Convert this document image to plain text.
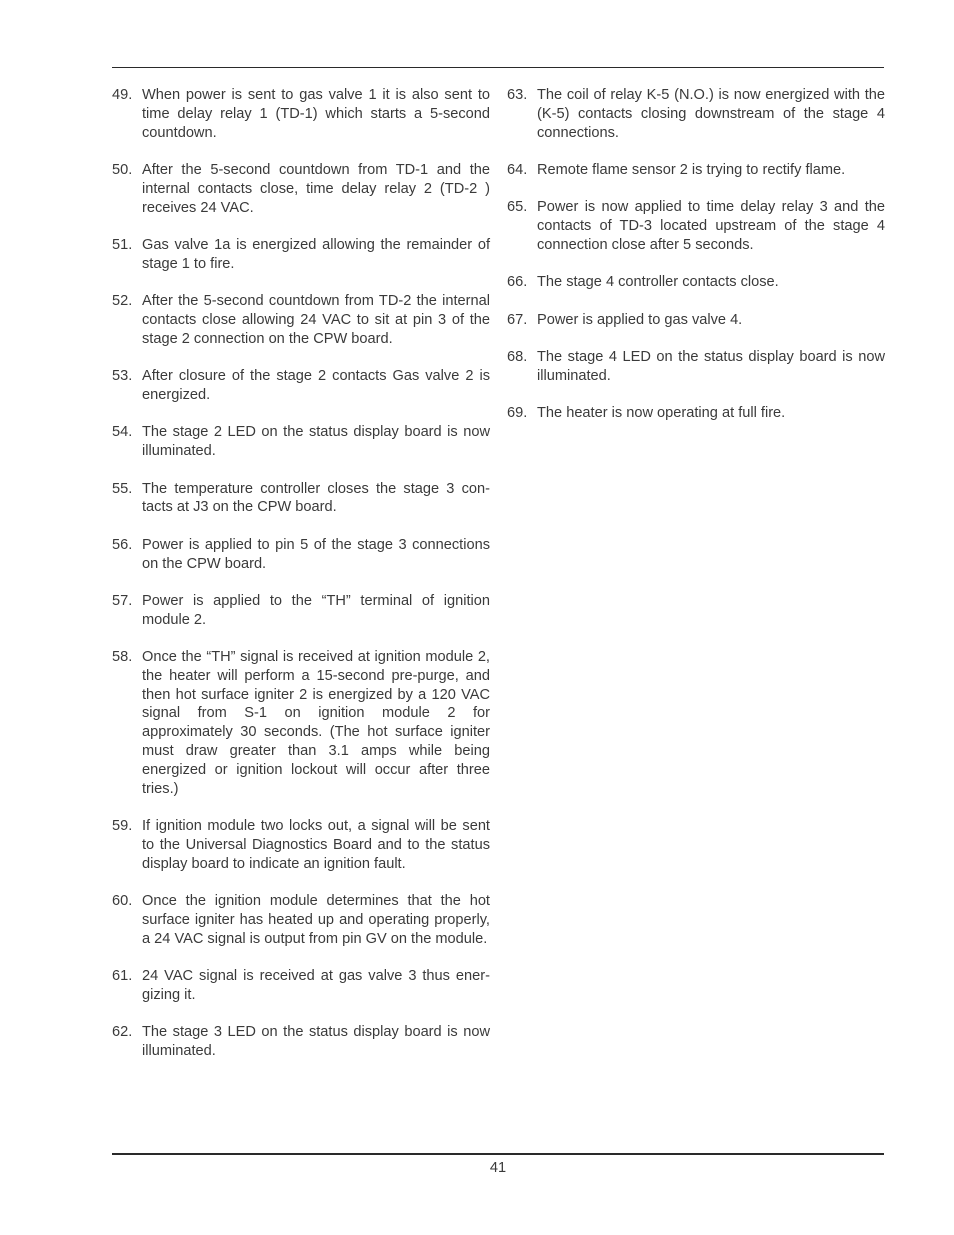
49. When power is sent to gas valve 1 it is also sent to time delay relay 1 (TD-1) which starts a 5-second countdown.
50. After the 5-second countdown from TD-1 and the internal contacts close, time delay relay 2 (TD-2 ) receives 24 VAC.
51. Gas valve 1a is energized allowing the remainder of stage 1 to fire.
52. After the 5-second countdown from TD-2 the internal contacts close allowing 24 VAC to sit at pin 3 of the stage 2 connection on the CPW board.
53. After closure of the stage 2 contacts Gas valve 2 is energized.
54. The stage 2 LED on the status display board is now illuminated.
55. The temperature controller closes the stage 3 contacts at J3 on the CPW board.
56. Power is applied to pin 5 of the stage 3 connections on the CPW board.
57. Power is applied to the “TH” terminal of ignition module 2.
58. Once the “TH” signal is received at ignition module 2, the heater will perform a 15-second pre-purge, and then hot surface igniter 2 is energized by a 120 VAC signal from S-1 on ignition module 2 for approximately 30 seconds. (The hot surface igniter must draw greater than 3.1 amps while being energized or ignition lockout will occur after three tries.)
59. If ignition module two locks out, a signal will be sent to the Universal Diagnostics Board and to the status display board to indicate an ignition fault.
60. Once the ignition module determines that the hot surface igniter has heated up and operating properly, a 24 VAC signal is output from pin GV on the module.
61. 24 VAC signal is received at gas valve 3 thus energizing it.
62. The stage 3 LED on the status display board is now illuminated.
63. The coil of relay K-5 (N.O.) is now energized with the (K-5) contacts closing downstream of the stage 4 connections.
64. Remote flame sensor 2 is trying to rectify flame.
65. Power is now applied to time delay relay 3 and the contacts of TD-3 located upstream of the stage 4 connection close after 5 seconds.
66. The stage 4 controller contacts close.
67. Power is applied to gas valve 4.
68. The stage 4 LED on the status display board is now illuminated.
69. The heater is now operating at full fire.
41
